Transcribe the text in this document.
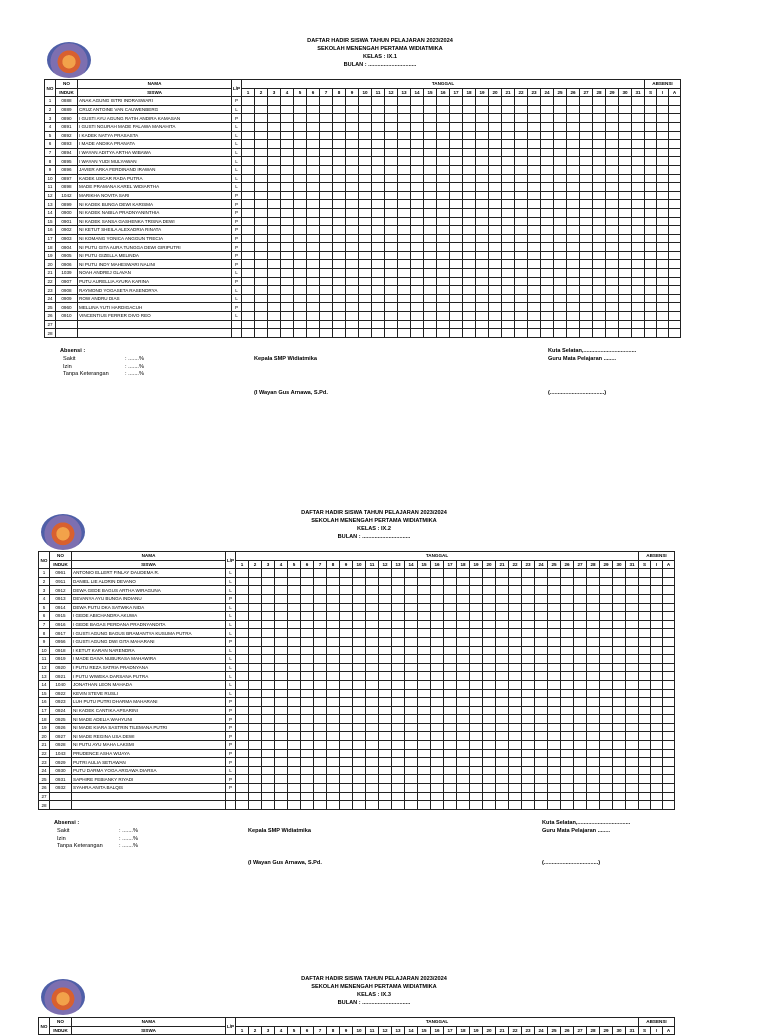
DAFTAR HADIR SISWA TAHUN PELAJARAN 2023/2024
SEKOLAH MENENGAH PERTAMA WIDIATMIKA
KELAS : IX.1
BULAN : ...............................
NO	NO	NAMA	L/P	TANGGAL																															ABSENSI		
	INDUK	SISWA		1	2	3	4	5	6	7	8	9	10	11	12	13	14	15	16	17	18	19	20	21	22	23	24	25	26	27	28	29	30	31	S	I	A
1	0888	ANAK AGUNG ISTRI INDRASWARI	P																																		
2	0889	CRUZ ANTOINE VAN CAUWENBERG	L																																		
3	0890	I GUSTI AYU AGUNG RATIH ANDIRA KAMASAN	P																																		
4	0891	I GUSTI NGURAH MADE PALAWA MANAHITA	L																																		
5	0892	I KADEK NATYA PRASASTA	L																																		
6	0893	I MADE ANDIKA PRANATA	L																																		
7	0894	I WAYAN ADITYA ARTHA WIBAWA	L																																		
8	0895	I WAYAN YUDI MULYAWAN	L																																		
9	0896	JAVIER ARKA FERDINAND IRAWAN	L																																		
10	0897	KADEK USCAR RADA PUTRA	L																																		
11	0898	MADE PRAMANA KAREL WIDIARTHA	L																																		
12	1042	MARIKHA NOVITA SARI	P																																		
13	0899	NI KADEK BUNGA DEWI KARISMA	P																																		
14	0900	NI KADEK NABILA PRADNYANINTHIA	P																																		
15	0901	NI KADEK SANSA GASHENKA TRISNA DEWI	P																																		
16	0902	NI KETUT SHEILA ALEXADRIA RINATA	P																																		
17	0903	NI KOMANG YONICA ANGGUN TRECIA	P																																		
18	0904	NI PUTU GITA AURA TUNGGA DEWI GIRIPUTRI	P																																		
19	0905	NI PUTU GIZELLA MELINDA	P																																		
20	0906	NI PUTU INDY MAHESWARI NALINI	P																																		
21	1039	NOAH ANDREJ GLAVAN	L																																		
22	0907	PUTU AURELLIA AYURA KARINA	P																																		
23	0908	RAYMOND YOGASETA RASENDRYA	L																																		
24	0909	ROW ANDRU DIAS	L																																		
25	0960	MELLINA YUTI HARDIGACUH	P																																		
26	0910	VINCENTIUS FERRER DIVO REO	L																																		
27																																					
28																																					
Absensi :
Sakit	: .......%
Izin	: .......%
Tanpa Keterangan	: .......%
Kepala SMP Widiatmika
(I Wayan Gus Arnawa, S.Pd.
Kuta Selatan,..................................
Guru Mata Pelajaran ........
(...................................)
DAFTAR HADIR SISWA TAHUN PELAJARAN 2023/2024
SEKOLAH MENENGAH PERTAMA WIDIATMIKA
KELAS : IX.2
BULAN : ...............................
NO	NO	NAMA	L/P	TANGGAL																															ABSENSI		
	INDUK	SISWA		1	2	3	4	5	6	7	8	9	10	11	12	13	14	15	16	17	18	19	20	21	22	23	24	25	26	27	28	29	30	31	S	I	A
1	0961	ANTONIO ELLERT FINLAY DAUDEMA R.	L																																		
2	0911	DANIEL LIE ALDRIN DEVANO	L																																		
3	0912	DEWA GEDE BAGUS ARTHA WIRAGUNA	L																																		
4	0913	DEVANYA AYU BUNGA INDIANU	P																																		
5	0914	DEWA PUTU DKA SATWIKA NIDA	L																																		
6	0915	I GEDE ABICHANDRA AKUWA	L																																		
7	0916	I GEDE BAGAS PERDANA PRADNYANDITA	L																																		
8	0917	I GUSTI AGUNG BAGUS BRAMANTYA KUSUMA PUTRA	L																																		
9	0956	I GUSTI AGUNG DWI GITA MAHARANI	P																																		
10	0918	I KETUT KARAN NARENDRA	L																																		
11	0919	I MADE DAIVA NUBURASA MAHAWIRA	L																																		
12	0920	I PUTU REZA SATRIA PRADNYANA	L																																		
13	0921	I PUTU WIWEKA DARSANA PUTRA	L																																		
14	1040	JONATHAN LEON MAHADA	L																																		
15	0922	KEVIN STEVE RUSLI	L																																		
16	0923	LUH PUTU PUTRI DHARMA MAHARANI	P																																		
17	0924	NI KADEK CANTIKA APSARINI	P																																		
18	0925	NI MADE ADELIA WAHYUNI	P																																		
19	0926	NI MADE KIARA SASTRIN TILEMANA PUTRI	P																																		
20	0927	NI MADE REGINA USA DEWI	P																																		
21	0928	NI PUTU AYU MAHA LAKSMI	P																																		
22	1043	PRUDENCE ASHA WIJAYA	P																																		
23	0929	PUTRI AULIA SETIAWAN	P																																		
24	0930	PUTU DARMA YOGA ARGAWA DIARSA	L																																		
25	0931	SAPHIRE FEBIANKY RIYADI	P																																		
26	0932	SYAHRA ANITA BALQIS	P																																		
27																																					
28																																					
Absensi :
Sakit	: .......%
Izin	: .......%
Tanpa Keterangan	: .......%
Kepala SMP Widiatmika
(I Wayan Gus Arnawa, S.Pd.
Kuta Selatan,..................................
Guru Mata Pelajaran ........
(...................................)
DAFTAR HADIR SISWA TAHUN PELAJARAN 2023/2024
SEKOLAH MENENGAH PERTAMA WIDIATMIKA
KELAS : IX.3
BULAN : ...............................
NO	NO	NAMA	L/P	TANGGAL																															ABSENSI		
	INDUK	SISWA		1	2	3	4	5	6	7	8	9	10	11	12	13	14	15	16	17	18	19	20	21	22	23	24	25	26	27	28	29	30	31	S	I	A
